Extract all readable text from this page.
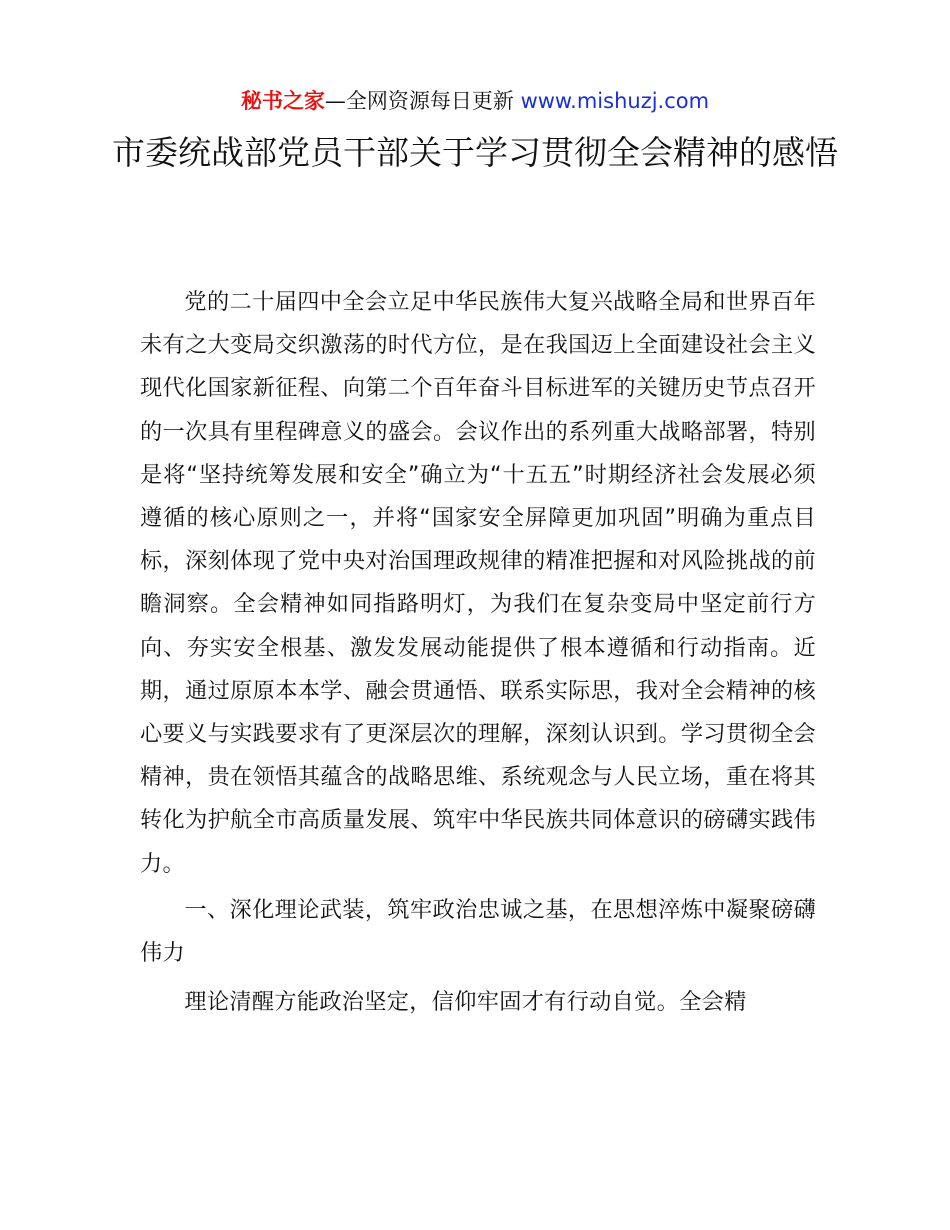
秘书之家—全网资源每日更新 www.mishuzj.com
市委统战部党员干部关于学习贯彻全会精神的感悟

党的二十届四中全会立足中华民族伟大复兴战略全局和世界百年未有之大变局交织激荡的时代方位，是在我国迈上全面建设社会主义现代化国家新征程、向第二个百年奋斗目标进军的关键历史节点召开的一次具有里程碑意义的盛会。会议作出的系列重大战略部署，特别是将“坚持统筹发展和安全”确立为“十五五”时期经济社会发展必须遵循的核心原则之一，并将“国家安全屏障更加巩固”明确为重点目标，深刻体现了党中央对治国理政规律的精准把握和对风险挑战的前瞻洞察。全会精神如同指路明灯，为我们在复杂变局中坚定前行方向、夯实安全根基、激发发展动能提供了根本遵循和行动指南。近期，通过原原本本学、融会贯通悟、联系实际思，我对全会精神的核心要义与实践要求有了更深层次的理解，深刻认识到。学习贯彻全会精神，贵在领悟其蕴含的战略思维、系统观念与人民立场，重在将其转化为护航全市高质量发展、筑牢中华民族共同体意识的磅礴实践伟力。

一、深化理论武装，筑牢政治忠诚之基，在思想淬炼中凝聚磅礴伟力

理论清醒方能政治坚定，信仰牢固才有行动自觉。全会精
